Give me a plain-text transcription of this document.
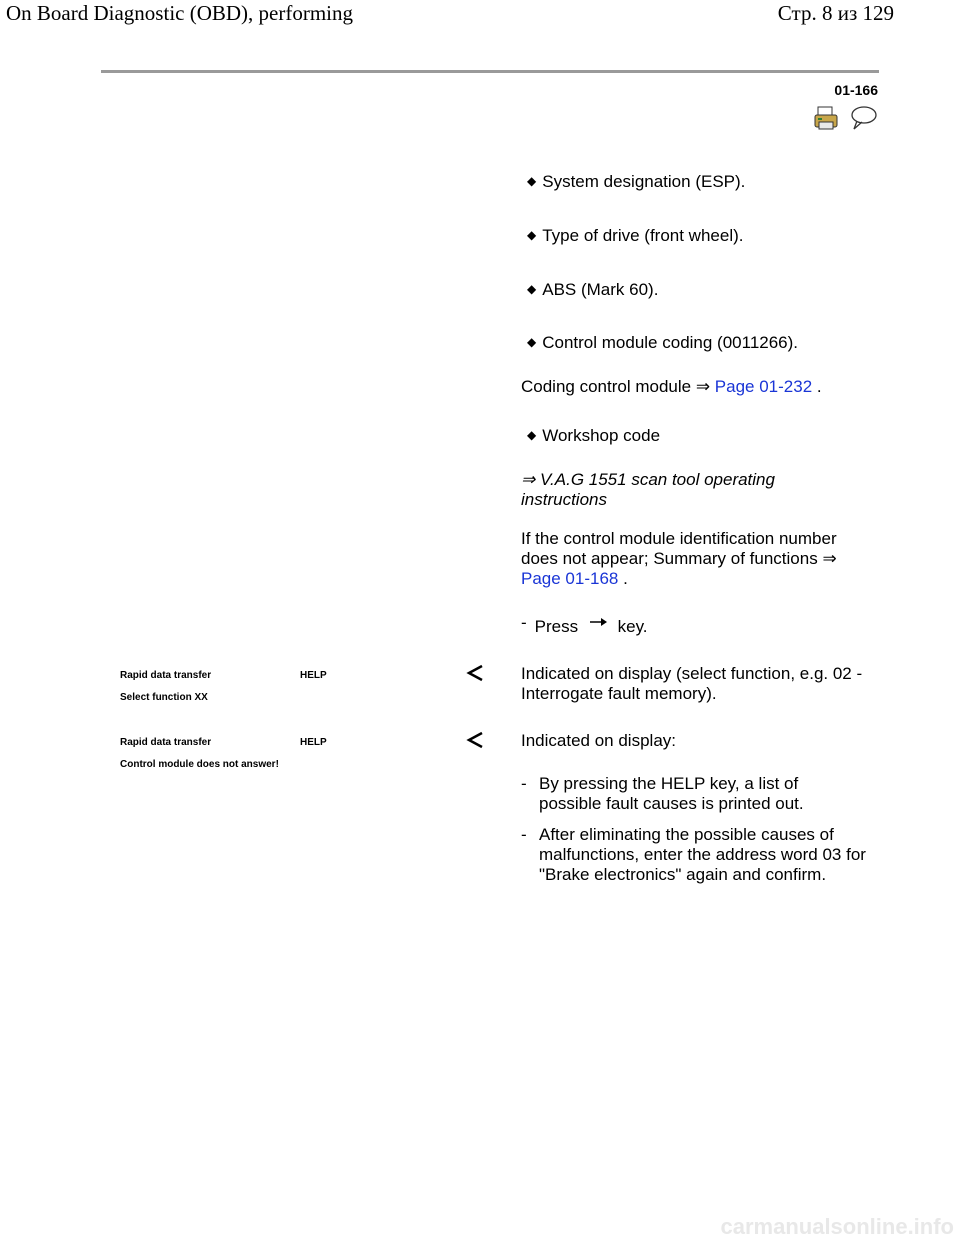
On Board Diagnostic (OBD), performing	Стр. 8 из 129
01-166
◆ System designation (ESP).
◆ Type of drive (front wheel).
◆ ABS (Mark 60).
◆ Control module coding (0011266).
Coding control module ⇒ Page 01-232 .
◆ Workshop code
⇒ V.A.G 1551 scan tool operating instructions
If the control module identification number does not appear; Summary of functions ⇒ Page 01-168 .
- Press key.
Rapid data transfer	HELP
Select function XX
Indicated on display (select function, e.g. 02 - Interrogate fault memory).
Rapid data transfer	HELP
Control module does not answer!
Indicated on display:
- By pressing the HELP key, a list of possible fault causes is printed out.
- After eliminating the possible causes of malfunctions, enter the address word 03 for "Brake electronics" again and confirm.
carmanualsonline.info
